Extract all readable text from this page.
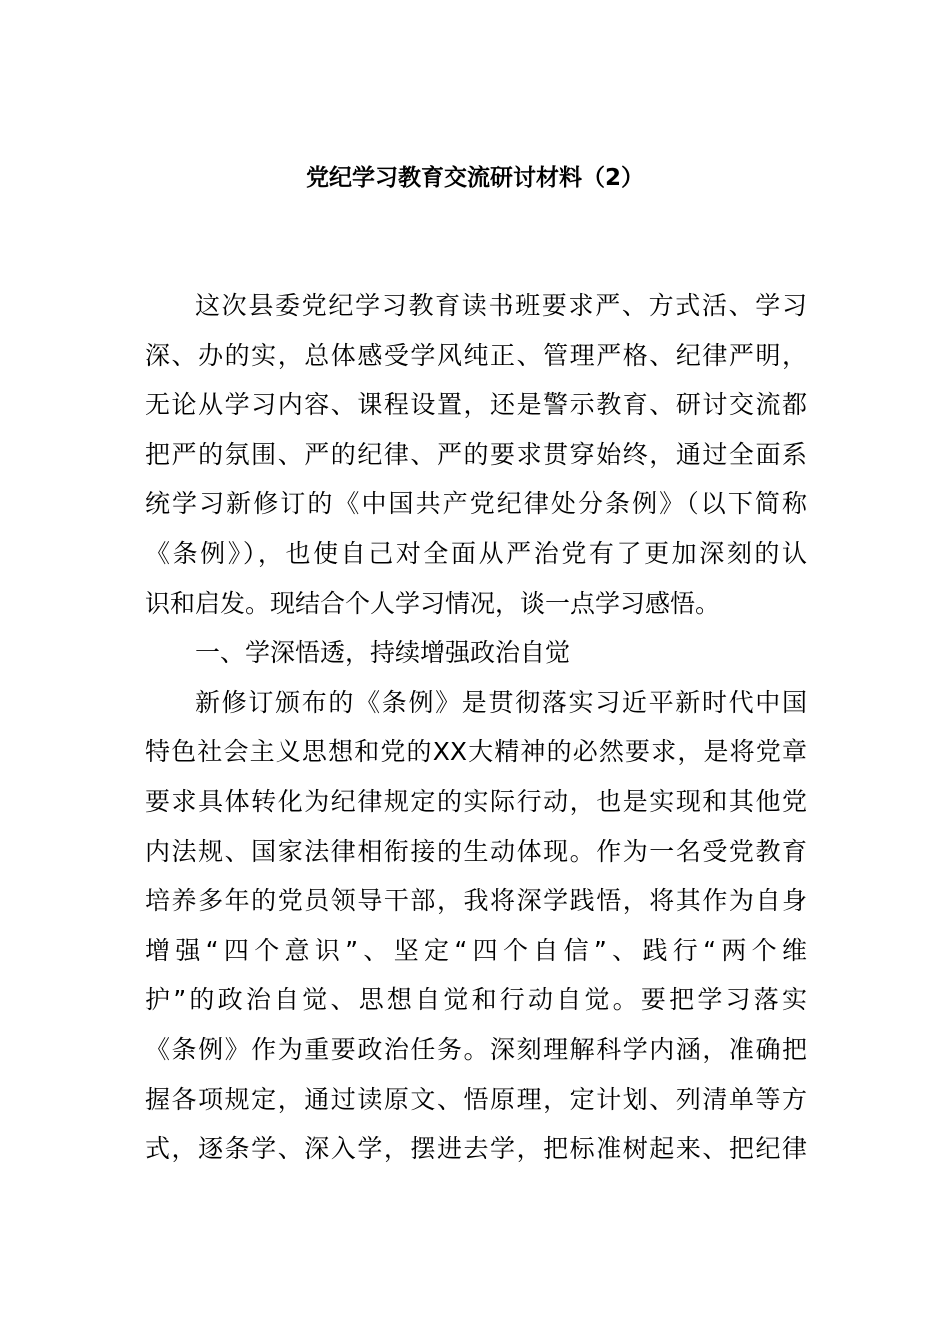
党纪学习教育交流研讨材料（2）
这次县委党纪学习教育读书班要求严、方式活、学习
深、办的实，总体感受学风纯正、管理严格、纪律严明，
无论从学习内容、课程设置，还是警示教育、研讨交流都
把严的氛围、严的纪律、严的要求贯穿始终，通过全面系
统学习新修订的《中国共产党纪律处分条例》（以下简称
《条例》），也使自己对全面从严治党有了更加深刻的认
识和启发。现结合个人学习情况，谈一点学习感悟。
一、学深悟透，持续增强政治自觉
新修订颁布的《条例》是贯彻落实习近平新时代中国
特色社会主义思想和党的XX大精神的必然要求，是将党章
要求具体转化为纪律规定的实际行动，也是实现和其他党
内法规、国家法律相衔接的生动体现。作为一名受党教育
培养多年的党员领导干部，我将深学践悟，将其作为自身
增强“四个意识”、坚定“四个自信”、践行“两个维
护”的政治自觉、思想自觉和行动自觉。要把学习落实
《条例》作为重要政治任务。深刻理解科学内涵，准确把
握各项规定，通过读原文、悟原理，定计划、列清单等方
式，逐条学、深入学，摆进去学，把标准树起来、把纪律
